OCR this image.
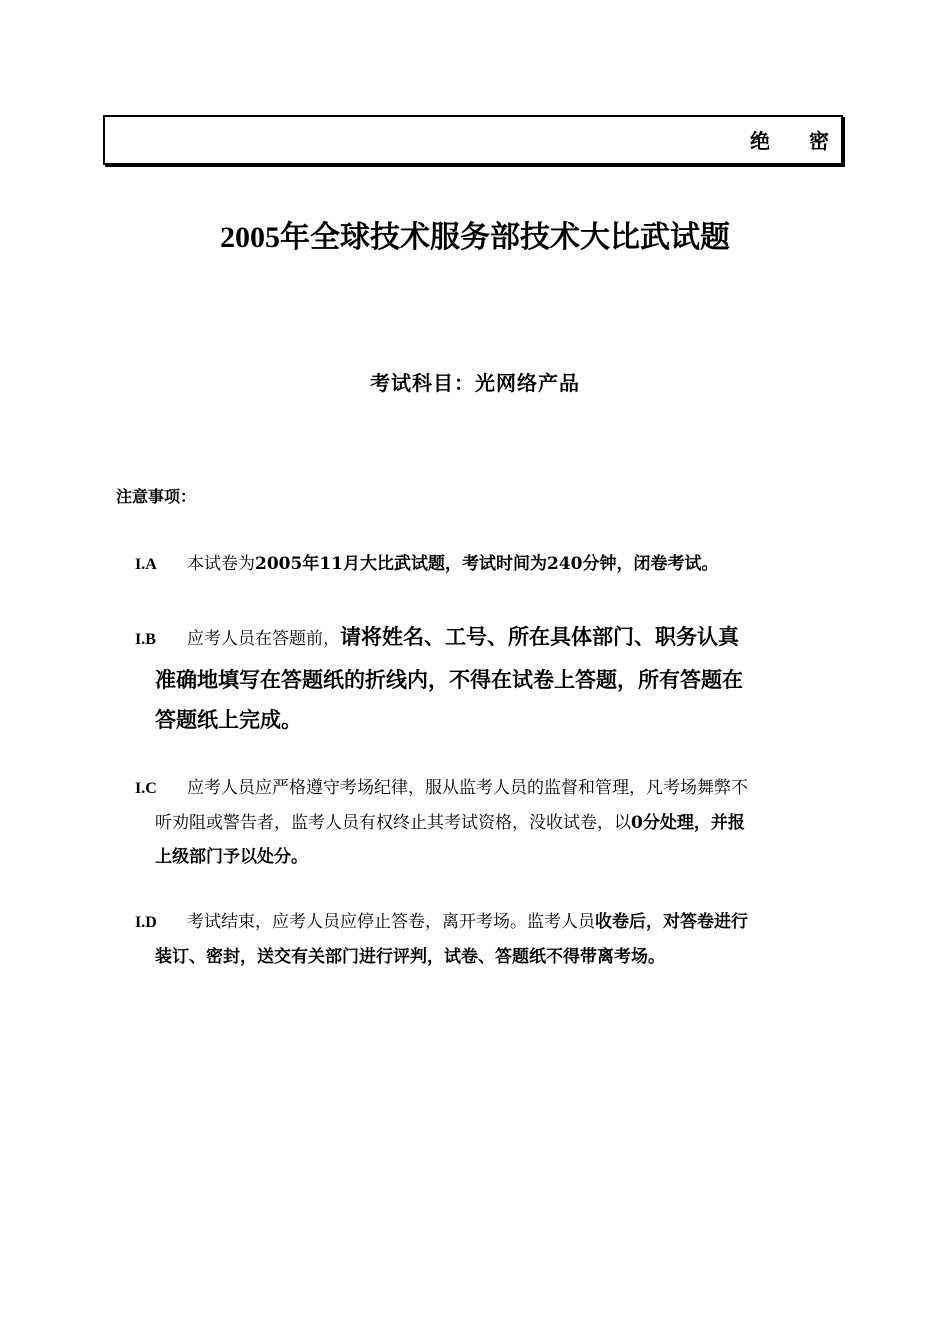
绝 密
2005年全球技术服务部技术大比武试题
考试科目：光网络产品
注意事项：
I.A 本试卷为2005年11月大比武试题，考试时间为240分钟，闭卷考试。
I.B 应考人员在答题前，请将姓名、工号、所在具体部门、职务认真
准确地填写在答题纸的折线内，不得在试卷上答题，所有答题在
答题纸上完成。
I.C 应考人员应严格遵守考场纪律，服从监考人员的监督和管理，凡考场舞弊不
听劝阻或警告者，监考人员有权终止其考试资格，没收试卷，以0分处理，并报
上级部门予以处分。
I.D 考试结束，应考人员应停止答卷，离开考场。监考人员收卷后，对答卷进行
装订、密封，送交有关部门进行评判，试卷、答题纸不得带离考场。
